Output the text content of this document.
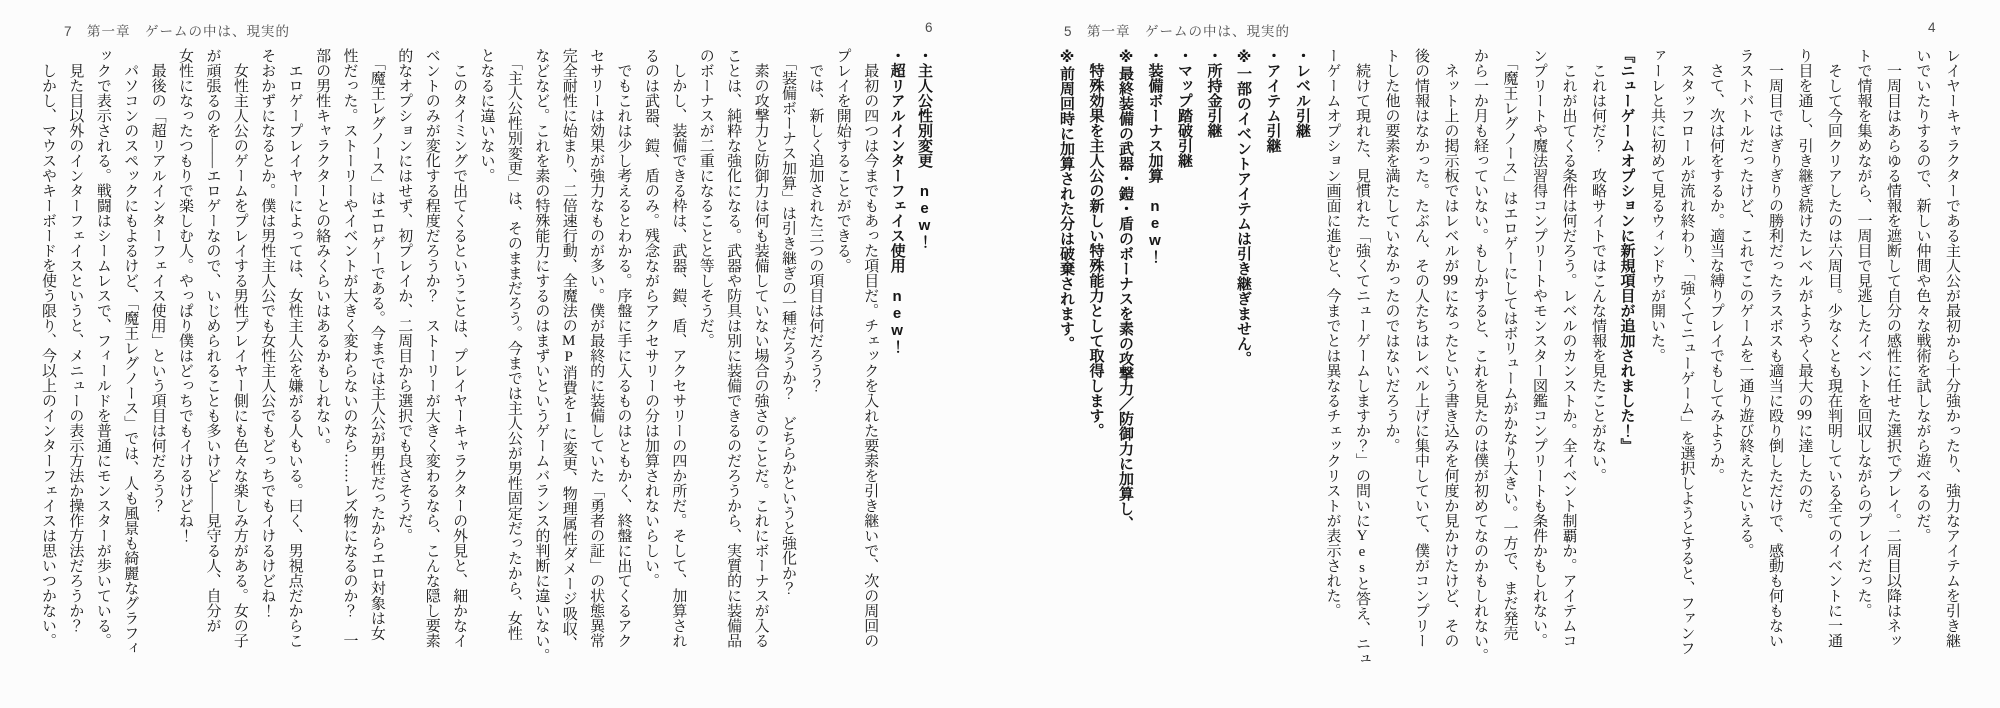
7　第一章　ゲームの中は、現実的	6	5　第一章　ゲームの中は、現実的	4
レイヤーキャラクターである主人公が最初から十分強かったり、強力なアイテムを引き継
いでいたりするので、新しい仲間や色々な戦術を試しながら遊べるのだ。
　一周目はあらゆる情報を遮断して自分の感性に任せた選択でプレイ。二周目以降はネッ
トで情報を集めながら、一周目で見逃したイベントを回収しながらのプレイだった。
　そして今回クリアしたのは六周目。少なくとも現在判明している全てのイベントに一通
り目を通し、引き継ぎ続けたレベルがようやく最大の99に達したのだ。
　一周目ではぎりぎりの勝利だったラスボスも適当に殴り倒しただけで、感動も何もない
ラストバトルだったけど、これでこのゲームを一通り遊び終えたといえる。
　さて、次は何をするか。適当な縛りプレイでもしてみようか。
　スタッフロールが流れ終わり、「強くてニューゲーム」を選択しようとすると、ファンフ
ァーレと共に初めて見るウィンドウが開いた。
『ニューゲームオプションに新規項目が追加されました！』
　これは何だ？　攻略サイトではこんな情報を見たことがない。
　これが出てくる条件は何だろう。レベルのカンストか。全イベント制覇か。アイテムコ
ンプリートや魔法習得コンプリートやモンスター図鑑コンプリートも条件かもしれない。
　「魔王レグノース」はエロゲーにしてはボリュームがかなり大きい。一方で、まだ発売
から一か月も経っていない。もしかすると、これを見たのは僕が初めてなのかもしれない。
　ネット上の掲示板ではレベルが99になったという書き込みを何度か見かけたけど、その
後の情報はなかった。たぶん、その人たちはレベル上げに集中していて、僕がコンプリー
トした他の要素を満たしていなかったのではないだろうか。
　続けて現れた、見慣れた「強くてニューゲームしますか？」の問いにYesと答え、ニュ
ーゲームオプション画面に進むと、今までとは異なるチェックリストが表示された。
・レベル引継
・アイテム引継
※一部のイベントアイテムは引き継ぎません。
・所持金引継
・マップ踏破引継
・装備ボーナス加算　new！
※最終装備の武器・鎧・盾のボーナスを素の攻撃力／防御力に加算し、
　特殊効果を主人公の新しい特殊能力として取得します。
※前周回時に加算された分は破棄されます。
・主人公性別変更　new！
・超リアルインターフェイス使用　new！
　最初の四つは今までもあった項目だ。チェックを入れた要素を引き継いで、次の周回の
プレイを開始することができる。
　では、新しく追加された三つの項目は何だろう？
　「装備ボーナス加算」は引き継ぎの一種だろうか？　どちらかというと強化か？
　素の攻撃力と防御力は何も装備していない場合の強さのことだ。これにボーナスが入る
ことは、純粋な強化になる。武器や防具は別に装備できるのだろうから、実質的に装備品
のボーナスが二重になることと等しそうだ。
　しかし、装備できる枠は、武器、鎧、盾、アクセサリーの四か所だ。そして、加算され
るのは武器、鎧、盾のみ。残念ながらアクセサリーの分は加算されないらしい。
　でもこれは少し考えるとわかる。序盤に手に入るものはともかく、終盤に出てくるアク
セサリーは効果が強力なものが多い。僕が最終的に装備していた「勇者の証」の状態異常
完全耐性に始まり、二倍速行動、全魔法のMP消費を1に変更、物理属性ダメージ吸収、
などなど。これを素の特殊能力にするのはまずいというゲームバランス的判断に違いない。
　「主人公性別変更」は、そのままだろう。今までは主人公が男性固定だったから、女性
となるに違いない。
　このタイミングで出てくるということは、プレイヤーキャラクターの外見と、細かなイ
ベントのみが変化する程度だろうか？　ストーリーが大きく変わるなら、こんな隠し要素
的なオプションにはせず、初プレイか、二周目から選択でも良さそうだ。
　「魔王レグノース」はエロゲーである。今までは主人公が男性だったからエロ対象は女
性だった。ストーリーやイベントが大きく変わらないのなら……レズ物になるのか？　一
部の男性キャラクターとの絡みくらいはあるかもしれない。
　エロゲープレイヤーによっては、女性主人公を嫌がる人もいる。曰く、男視点だからこ
そおかずになるとか。僕は男性主人公でも女性主人公でもどっちでもイけるけどね！
　女性主人公のゲームをプレイする男性プレイヤー側にも色々な楽しみ方がある。女の子
が頑張るのを――エロゲーなので、いじめられることも多いけど――見守る人、自分が
女性になったつもりで楽しむ人。やっぱり僕はどっちでもイけるけどね！
　最後の「超リアルインターフェイス使用」という項目は何だろう？
　パソコンのスペックにもよるけど、「魔王レグノース」では、人も風景も綺麗なグラフィ
ックで表示される。戦闘はシームレスで、フィールドを普通にモンスターが歩いている。
　見た目以外のインターフェイスというと、メニューの表示方法か操作方法だろうか？
　しかし、マウスやキーボードを使う限り、今以上のインターフェイスは思いつかない。
